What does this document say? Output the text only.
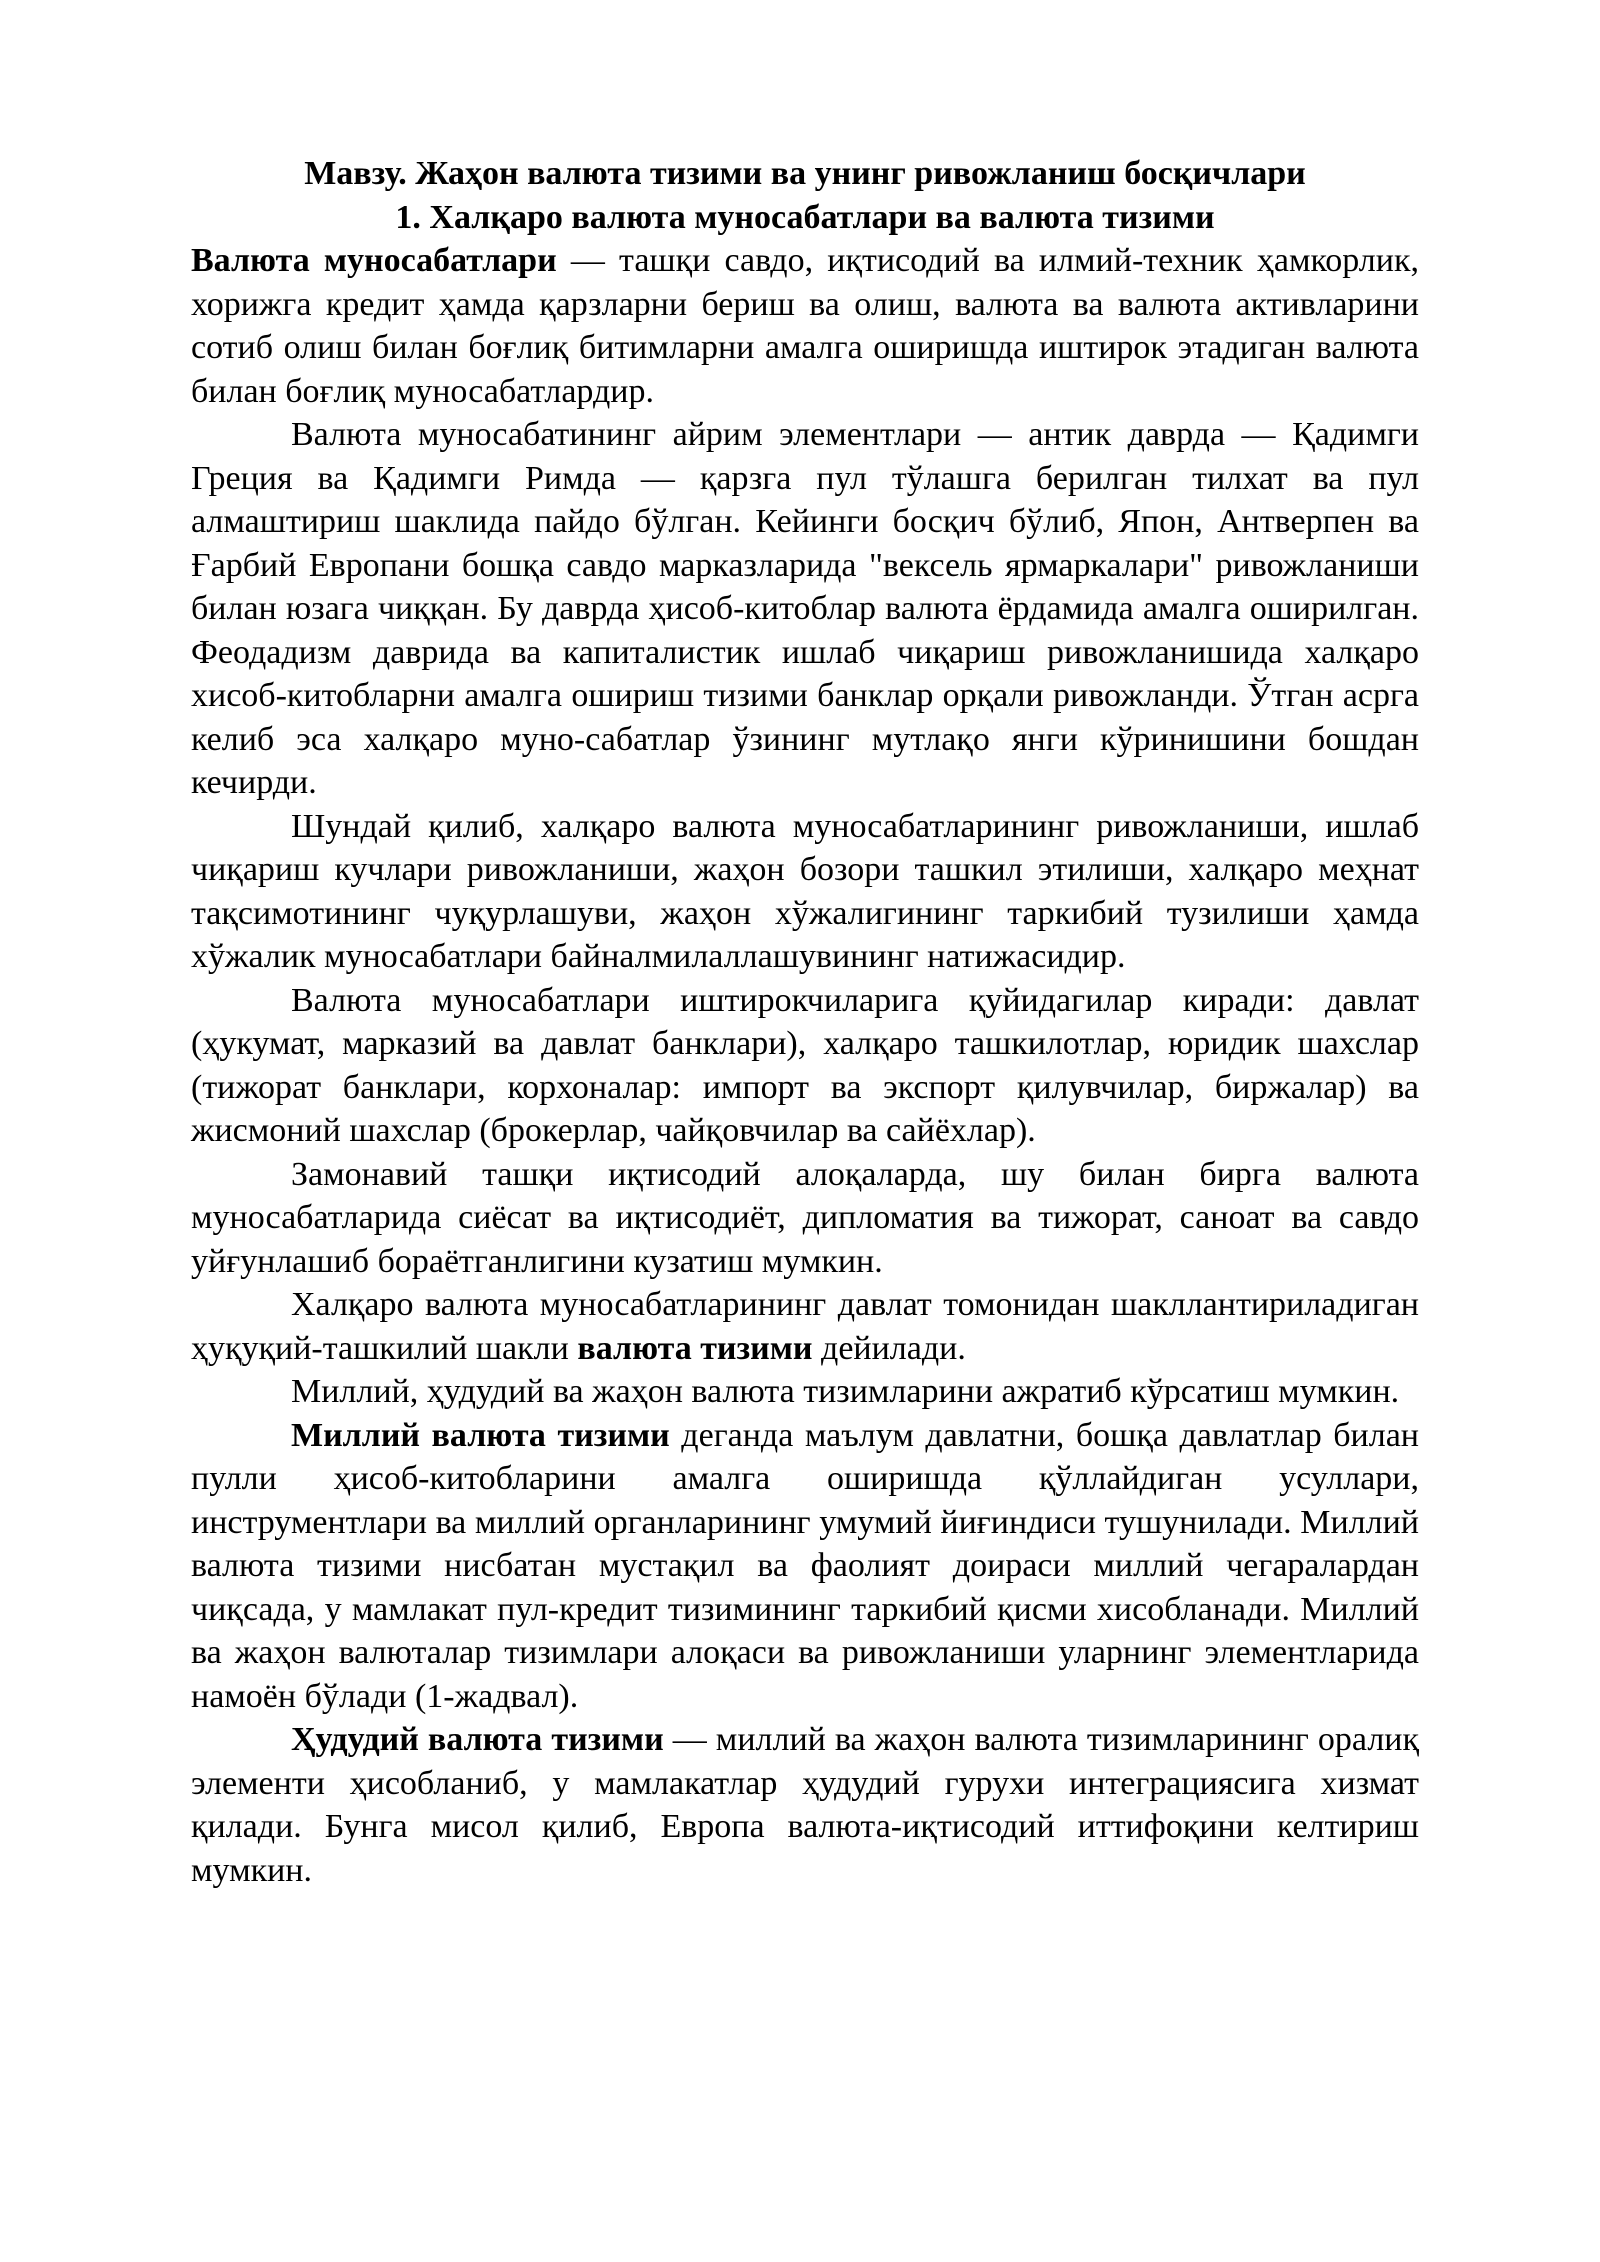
Мавзу. Жаҳон валюта тизими ва унинг ривожланиш босқичлари

1. Халқаро валюта муносабатлари ва валюта тизими

Валюта муносабатлари — ташқи савдо, иқтисодий ва илмий-техник ҳамкорлик, хорижга кредит ҳамда қарзларни бериш ва олиш, валюта ва валюта активларини сотиб олиш билан боғлиқ битимларни амалга оширишда иштирок этадиган валюта билан боғлиқ муносабатлардир.

Валюта муносабатининг айрим элементлари — антик даврда — Қадимги Греция ва Қадимги Римда — қарзга пул тўлашга берилган тилхат ва пул алмаштириш шаклида пайдо бўлган. Кейинги босқич бўлиб, Япон, Антверпен ва Ғарбий Европани бошқа савдо марказларида "вексель ярмаркалари" ривожланиши билан юзага чиққан. Бу даврда ҳисоб-китоблар валюта ёрдамида амалга оширилган. Феодадизм даврида ва капиталистик ишлаб чиқариш ривожланишида халқаро хисоб-китобларни амалга ошириш тизими банклар орқали ривожланди. Ўтган асрга келиб эса халқаро муно-сабатлар ўзининг мутлақо янги кўринишини бошдан кечирди.

Шундай қилиб, халқаро валюта муносабатларининг ривожланиши, ишлаб чиқариш кучлари ривожланиши, жаҳон бозори ташкил этилиши, халқаро меҳнат тақсимотининг чуқурлашуви, жаҳон хўжалигининг таркибий тузилиши ҳамда хўжалик муносабатлари байналмилаллашувининг натижасидир.

Валюта муносабатлари иштирокчиларига қуйидагилар киради: давлат (ҳукумат, марказий ва давлат банклари), халқаро ташкилотлар, юридик шахслар (тижорат банклари, корхоналар: импорт ва экспорт қилувчилар, биржалар) ва жисмоний шахслар (брокерлар, чайқовчилар ва сайёхлар).

Замонавий ташқи иқтисодий алоқаларда, шу билан бирга валюта муносабатларида сиёсат ва иқтисодиёт, дипломатия ва тижорат, саноат ва савдо уйғунлашиб бораётганлигини кузатиш мумкин.

Халқаро валюта муносабатларининг давлат томонидан шакллантириладиган ҳуқуқий-ташкилий шакли валюта тизими дейилади.

Миллий, ҳудудий ва жаҳон валюта тизимларини ажратиб кўрсатиш мумкин.

Миллий валюта тизими деганда маълум давлатни, бошқа давлатлар билан пулли ҳисоб-китобларини амалга оширишда қўллайдиган усуллари, инструментлари ва миллий органларининг умумий йиғиндиси тушунилади. Миллий валюта тизими нисбатан мустақил ва фаолият доираси миллий чегаралардан чиқсада, у мамлакат пул-кредит тизимининг таркибий қисми хисобланади. Миллий ва жаҳон валюталар тизимлари алоқаси ва ривожланиши уларнинг элементларида намоён бўлади (1-жадвал).

Ҳудудий валюта тизими — миллий ва жаҳон валюта тизимларининг оралиқ элементи ҳисобланиб, у мамлакатлар ҳудудий гурухи интеграциясига хизмат қилади. Бунга мисол қилиб, Европа валюта-иқтисодий иттифоқини келтириш мумкин.
